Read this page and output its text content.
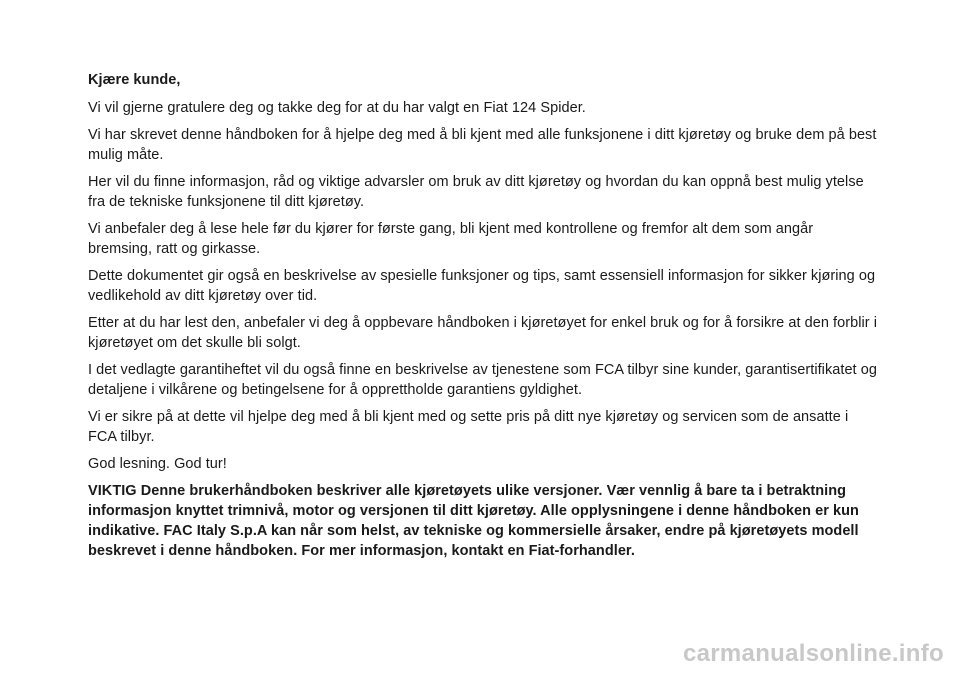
Kjære kunde,

Vi vil gjerne gratulere deg og takke deg for at du har valgt en Fiat 124 Spider.

Vi har skrevet denne håndboken for å hjelpe deg med å bli kjent med alle funksjonene i ditt kjøretøy og bruke dem på best mulig måte.

Her vil du finne informasjon, råd og viktige advarsler om bruk av ditt kjøretøy og hvordan du kan oppnå best mulig ytelse fra de tekniske funksjonene til ditt kjøretøy.

Vi anbefaler deg å lese hele før du kjører for første gang, bli kjent med kontrollene og fremfor alt dem som angår bremsing, ratt og girkasse.

Dette dokumentet gir også en beskrivelse av spesielle funksjoner og tips, samt essensiell informasjon for sikker kjøring og vedlikehold av ditt kjøretøy over tid.

Etter at du har lest den, anbefaler vi deg å oppbevare håndboken i kjøretøyet for enkel bruk og for å forsikre at den forblir i kjøretøyet om det skulle bli solgt.

I det vedlagte garantiheftet vil du også finne en beskrivelse av tjenestene som FCA tilbyr sine kunder, garantisertifikatet og detaljene i vilkårene og betingelsene for å opprettholde garantiens gyldighet.

Vi er sikre på at dette vil hjelpe deg med å bli kjent med og sette pris på ditt nye kjøretøy og servicen som de ansatte i FCA tilbyr.

God lesning. God tur!

VIKTIG Denne brukerhåndboken beskriver alle kjøretøyets ulike versjoner. Vær vennlig å bare ta i betraktning informasjon knyttet trimnivå, motor og versjonen til ditt kjøretøy. Alle opplysningene i denne håndboken er kun indikative. FAC Italy S.p.A kan når som helst, av tekniske og kommersielle årsaker, endre på kjøretøyets modell beskrevet i denne håndboken. For mer informasjon, kontakt en Fiat-forhandler.

carmanualsonline.info
